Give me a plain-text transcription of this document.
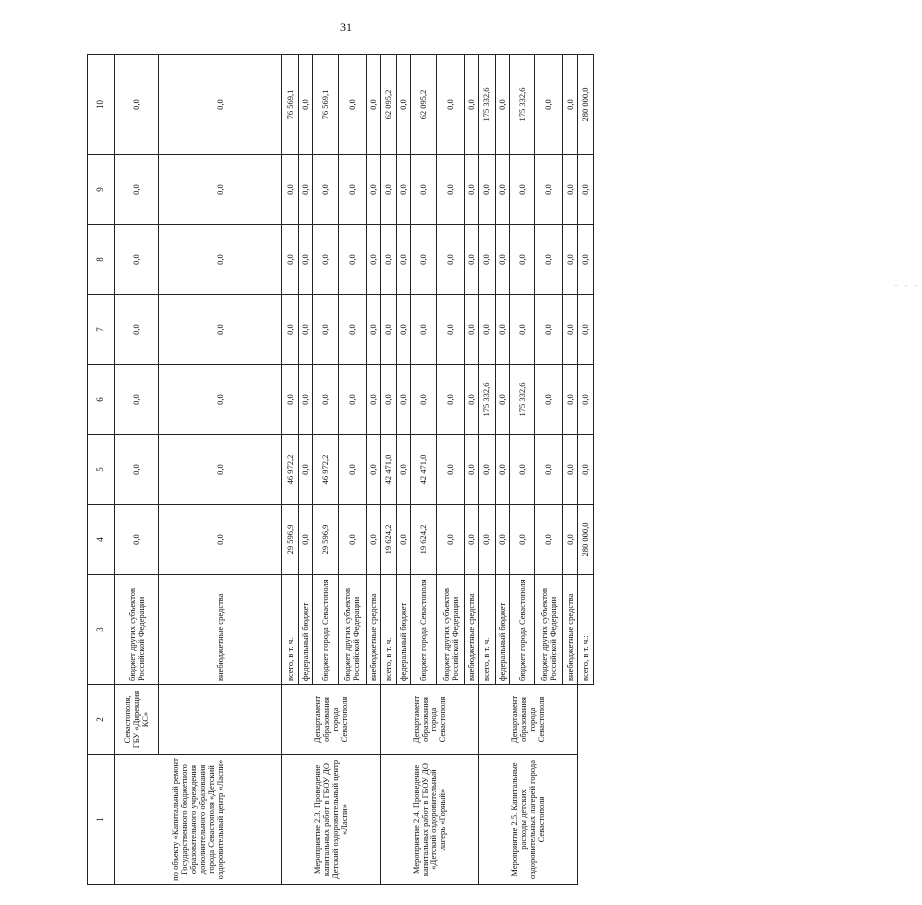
31
1	2	3	4	5	6	7	8	9	10
по объекту «Капитальный ремонт Государственного бюджетного образовательного учреждения дополнительного образования города Севастополя «Детский оздоровительный центр «Ласпи»	Севастополя, ГБУ «Дирекция КС»	бюджет других субъектов Российской Федерации	0,0	0,0	0,0	0,0	0,0	0,0	0,0
		внебюджетные средства	0,0	0,0	0,0	0,0	0,0	0,0	0,0
Мероприятие 2.3. Проведение капитальных работ в ГБОУ ДО Детский оздоровительный центр «Ласпи»	Департамент образования города Севастополя	всего, в т. ч.	29 596,9	46 972,2	0,0	0,0	0,0	0,0	76 569,1
		федеральный бюджет	0,0	0,0	0,0	0,0	0,0	0,0	0,0
		бюджет города Севастополя	29 596,9	46 972,2	0,0	0,0	0,0	0,0	76 569,1
		бюджет других субъектов Российской Федерации	0,0	0,0	0,0	0,0	0,0	0,0	0,0
		внебюджетные средства	0,0	0,0	0,0	0,0	0,0	0,0	0,0
Мероприятие 2.4. Проведение капитальных работ в ГБОУ ДО «Детский оздоровительный лагерь «Горный»	Департамент образования города Севастополя	всего, в т. ч.	19 624,2	42 471,0	0,0	0,0	0,0	0,0	62 095,2
		федеральный бюджет	0,0	0,0	0,0	0,0	0,0	0,0	0,0
		бюджет города Севастополя	19 624,2	42 471,0	0,0	0,0	0,0	0,0	62 095,2
		бюджет других субъектов Российской Федерации	0,0	0,0	0,0	0,0	0,0	0,0	0,0
		внебюджетные средства	0,0	0,0	0,0	0,0	0,0	0,0	0,0
Мероприятие 2.5. Капитальные расходы детских оздоровительных лагерей города Севастополя	Департамент образования города Севастополя	всего, в т. ч.	0,0	0,0	175 332,6	0,0	0,0	0,0	175 332,6
		федеральный бюджет	0,0	0,0	0,0	0,0	0,0	0,0	0,0
		бюджет города Севастополя	0,0	0,0	175 332,6	0,0	0,0	0,0	175 332,6
		бюджет других субъектов Российской Федерации	0,0	0,0	0,0	0,0	0,0	0,0	0,0
		внебюджетные средства	0,0	0,0	0,0	0,0	0,0	0,0	0,0
		всего, в т. ч.:	280 000,0	0,0	0,0	0,0	0,0	0,0	280 000,0
·
·
·
